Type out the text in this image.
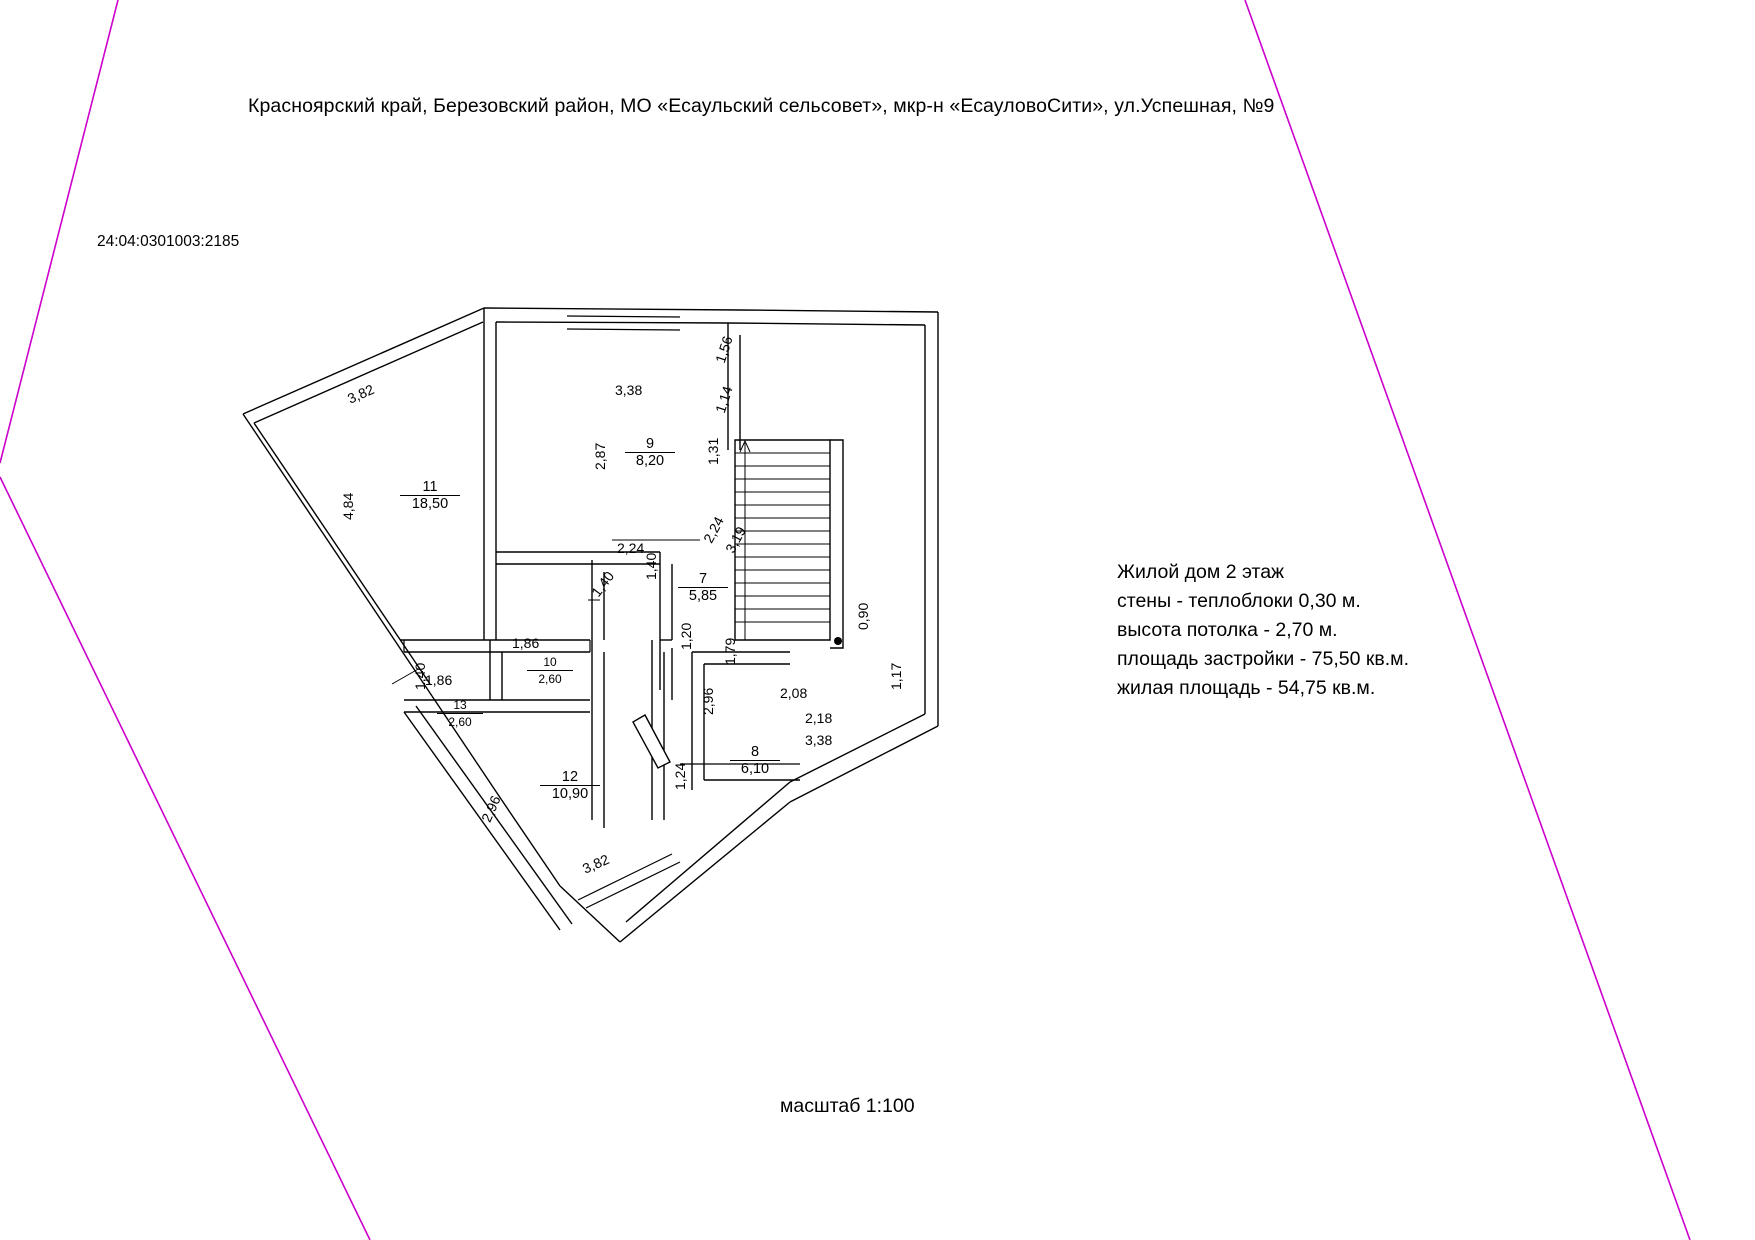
Красноярский край, Березовский район, МО «Есаульский сельсовет», мкр-н «ЕсауловоСити», ул.Успешная, №9
24:04:0301003:2185
Жилой дом 2 этаж
стены - теплоблоки 0,30 м.
высота потолка - 2,70 м.
площадь застройки - 75,50 кв.м.
жилая площадь - 54,75 кв.м.
масштаб 1:100
11
18,50
9
8,20
7
5,85
10
2,60
13
2,60
12
10,90
8
6,10
3,82	3,38
1,56
1,14
4,84
2,87	1,31
2,24
2,24
3,19
1,40
1,40
1,86
1,86
1,40
1,20
1,79
2,96	2,08
0,90
2,18
1,17
3,38
1,24
2,96
3,82
